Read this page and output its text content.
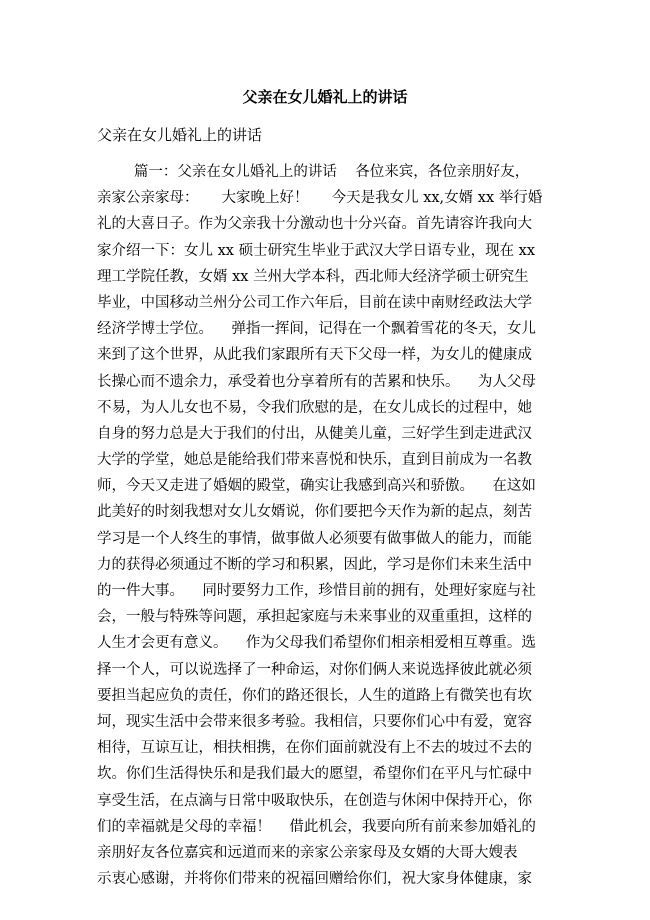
父亲在女儿婚礼上的讲话
父亲在女儿婚礼上的讲话
篇一：父亲在女儿婚礼上的讲话    各位来宾，各位亲朋好友，
亲家公亲家母：     大家晚上好！     今天是我女儿 xx,女婿 xx 举行婚
礼的大喜日子。作为父亲我十分激动也十分兴奋。首先请容许我向大
家介绍一下：女儿 xx 硕士研究生毕业于武汉大学日语专业，现在 xx
理工学院任教，女婿 xx 兰州大学本科，西北师大经济学硕士研究生
毕业，中国移动兰州分公司工作六年后，目前在读中南财经政法大学
经济学博士学位。    弹指一挥间，记得在一个飘着雪花的冬天，女儿
来到了这个世界，从此我们家跟所有天下父母一样，为女儿的健康成
长操心而不遗余力，承受着也分享着所有的苦累和快乐。    为人父母
不易，为人儿女也不易，令我们欣慰的是，在女儿成长的过程中，她
自身的努力总是大于我们的付出，从健美儿童，三好学生到走进武汉
大学的学堂，她总是能给我们带来喜悦和快乐，直到目前成为一名教
师，今天又走进了婚姻的殿堂，确实让我感到高兴和骄傲。    在这如
此美好的时刻我想对女儿女婿说，你们要把今天作为新的起点，刻苦
学习是一个人终生的事情，做事做人必须要有做事做人的能力，而能
力的获得必须通过不断的学习和积累，因此，学习是你们未来生活中
的一件大事。    同时要努力工作，珍惜目前的拥有，处理好家庭与社
会，一般与特殊等问题，承担起家庭与未来事业的双重重担，这样的
人生才会更有意义。    作为父母我们希望你们相亲相爱相互尊重。选
择一个人，可以说选择了一种命运，对你们俩人来说选择彼此就必须
要担当起应负的责任，你们的路还很长，人生的道路上有微笑也有坎
坷，现实生活中会带来很多考验。我相信，只要你们心中有爱，宽容
相待，互谅互让，相扶相携，在你们面前就没有上不去的坡过不去的
坎。你们生活得快乐和是我们最大的愿望，希望你们在平凡与忙碌中
享受生活，在点滴与日常中吸取快乐，在创造与休闲中保持开心，你
们的幸福就是父母的幸福！    借此机会，我要向所有前来参加婚礼的
亲朋好友各位嘉宾和远道而来的亲家公亲家母及女婿的大哥大嫂表
示衷心感谢，并将你们带来的祝福回赠给你们，祝大家身体健康，家
